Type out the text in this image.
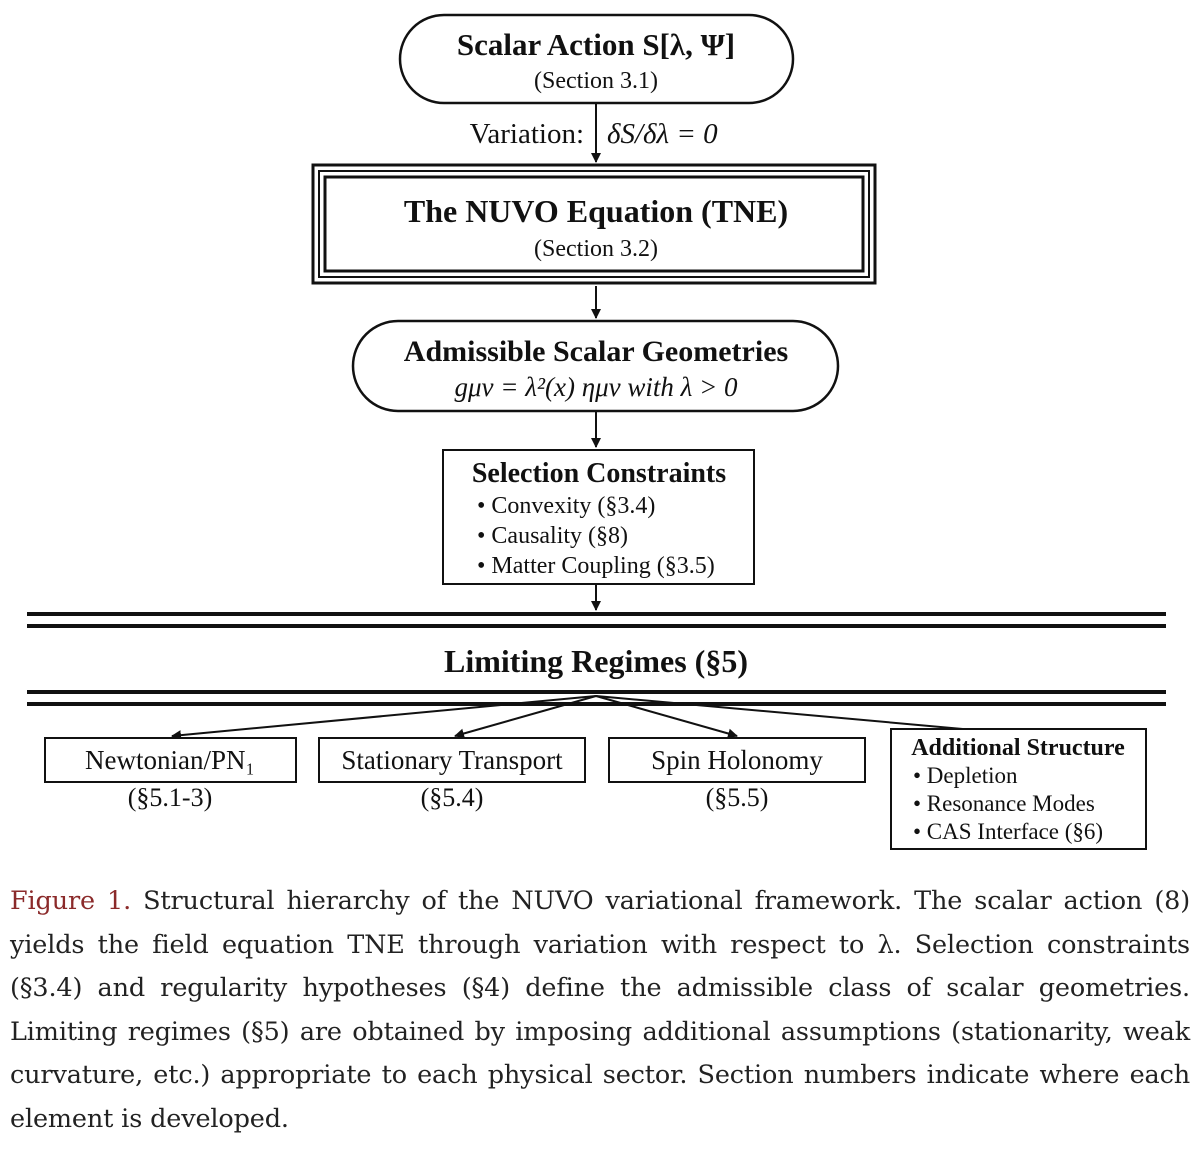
Scalar Action S[λ, Ψ]
(Section 3.1)
Variation: δS/δλ = 0
The NUVO Equation (TNE)
(Section 3.2)
Admissible Scalar Geometries
gμν = λ²(x) ημν with λ > 0
Selection Constraints
• Convexity (§3.4)
• Causality (§8)
• Matter Coupling (§3.5)
Limiting Regimes (§5)
Newtonian/PN₁
(§5.1-3)
Stationary Transport
(§5.4)
Spin Holonomy
(§5.5)
Additional Structure
• Depletion
• Resonance Modes
• CAS Interface (§6)
Figure 1. Structural hierarchy of the NUVO variational framework. The scalar action (8) yields the field equation TNE through variation with respect to λ. Selection constraints (§3.4) and regularity hypotheses (§4) define the admissible class of scalar geometries. Limiting regimes (§5) are obtained by imposing additional assumptions (stationarity, weak curvature, etc.) appropriate to each physical sector. Section numbers indicate where each element is developed.
